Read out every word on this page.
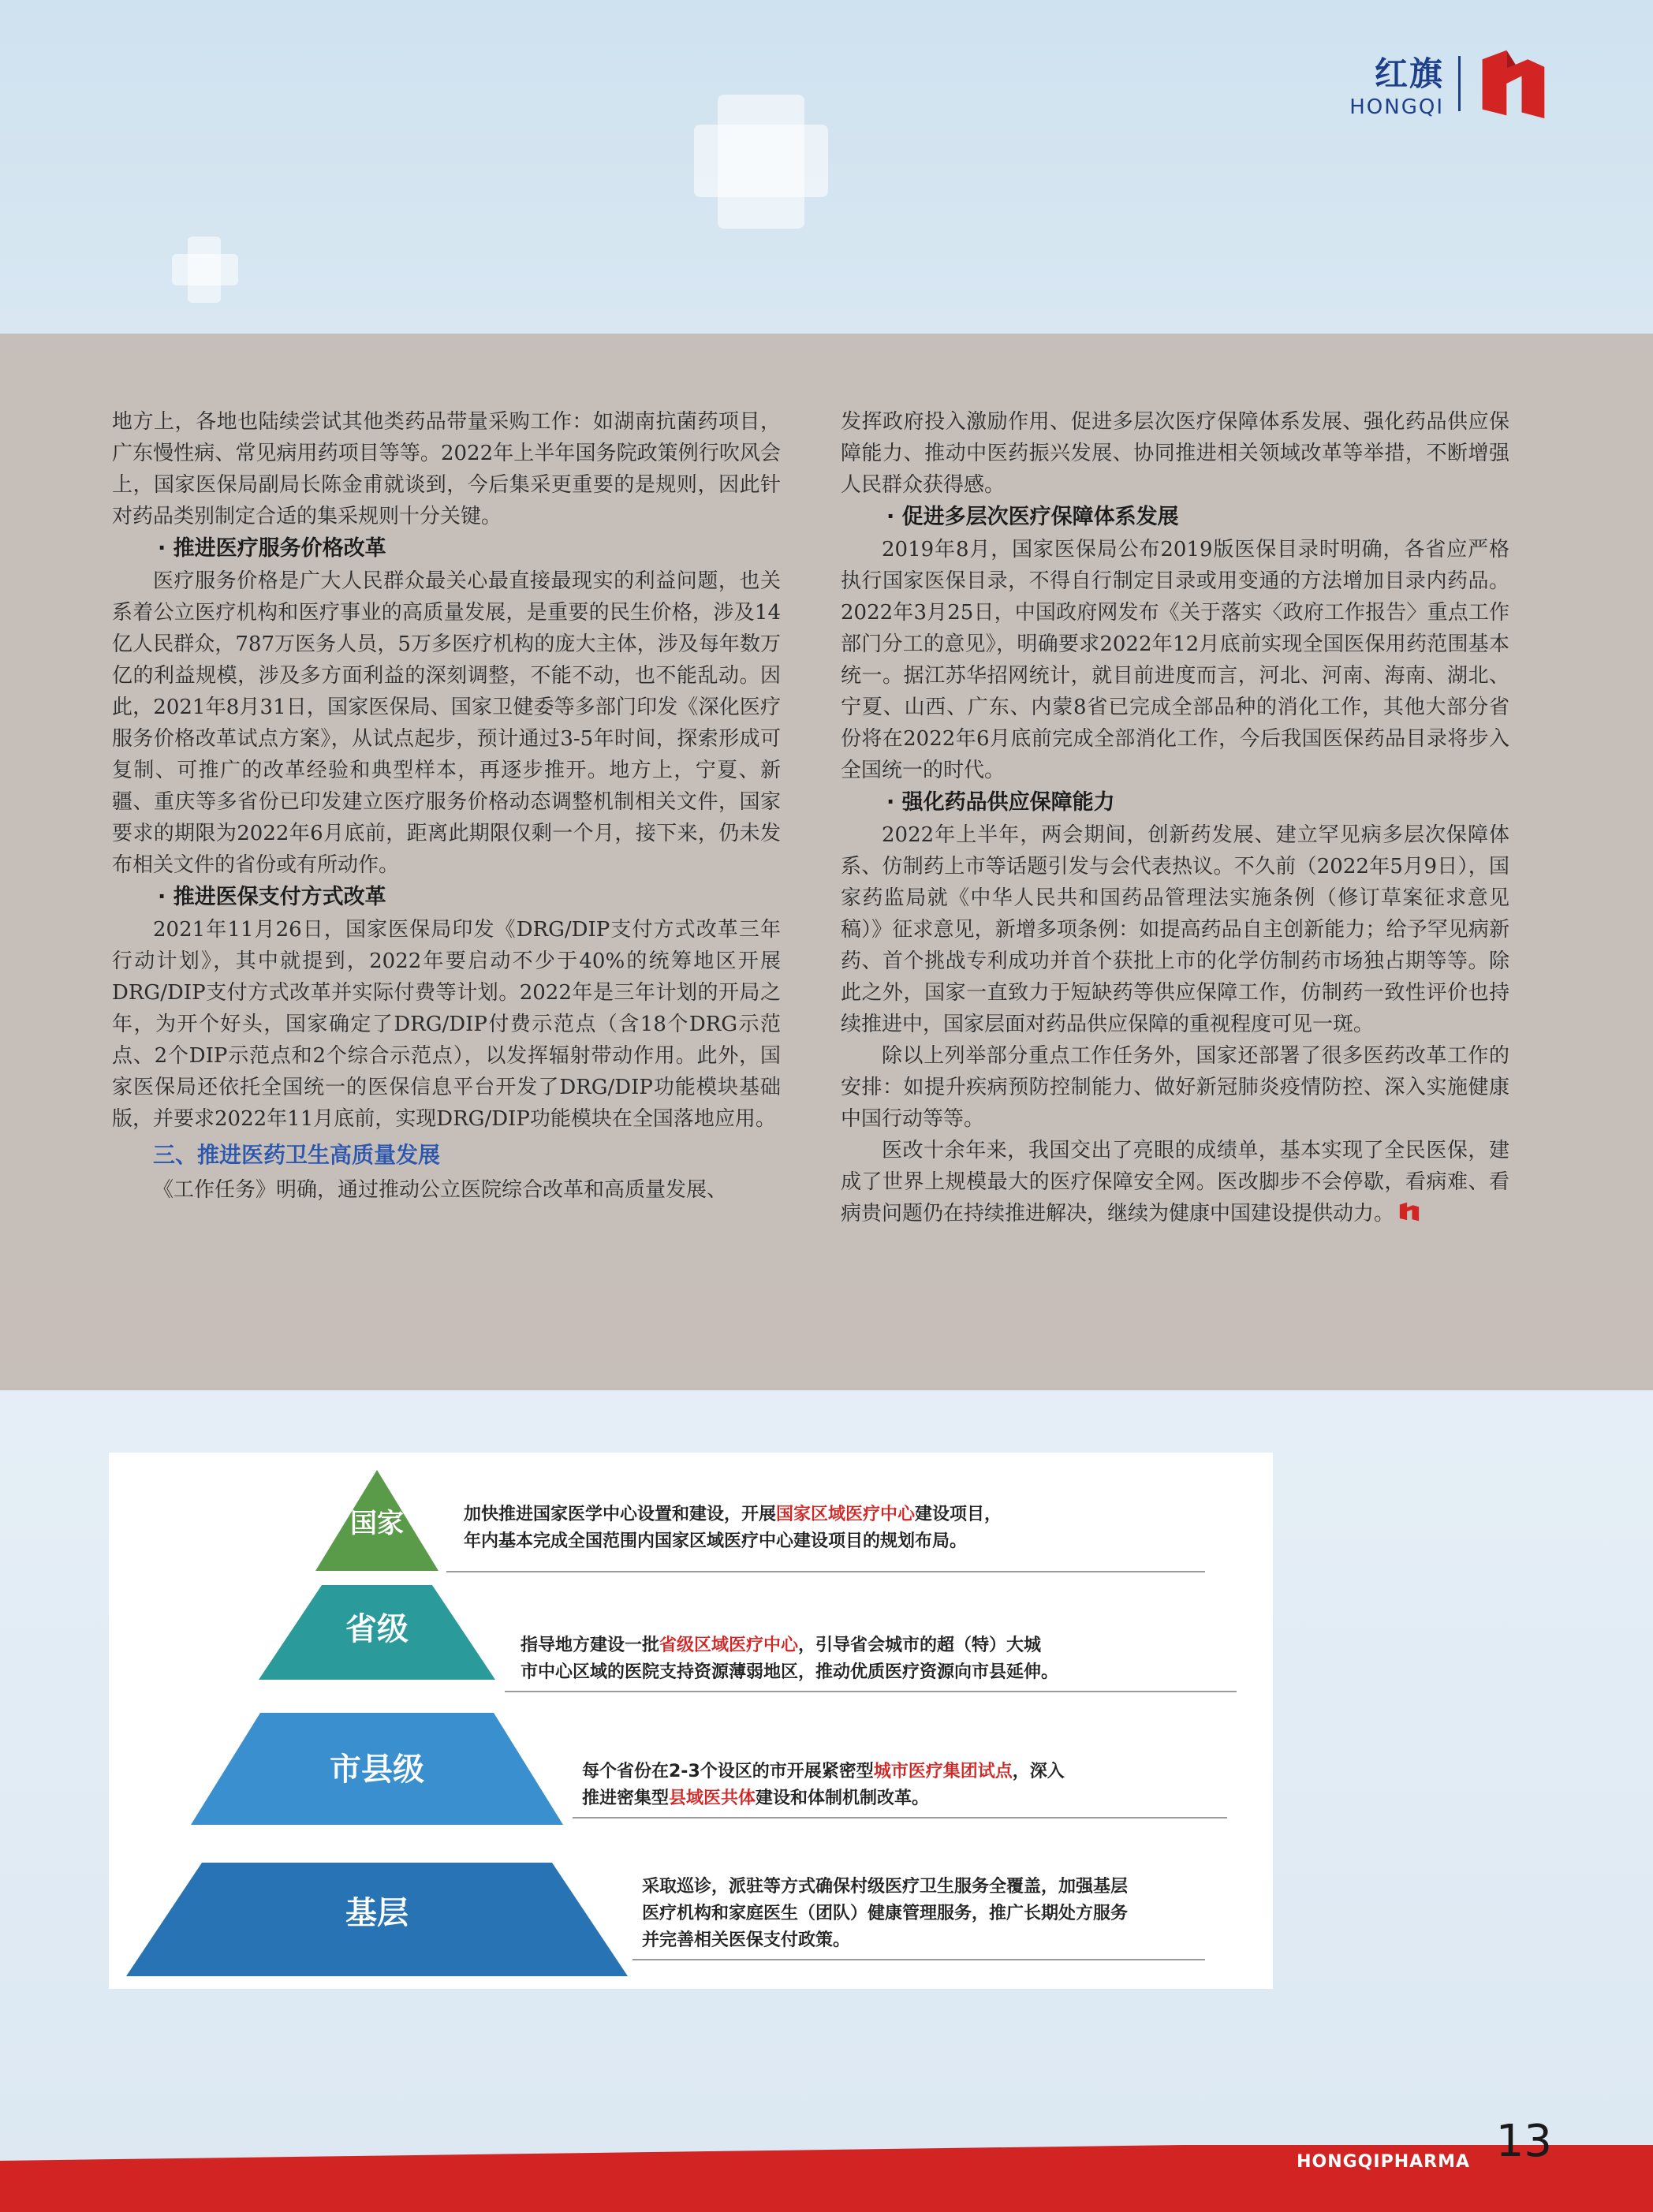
红旗
HONGQI

地方上，各地也陆续尝试其他类药品带量采购工作：如湖南抗菌药项目，广东慢性病、常见病用药项目等等。2022年上半年国务院政策例行吹风会上，国家医保局副局长陈金甫就谈到，今后集采更重要的是规则，因此针对药品类别制定合适的集采规则十分关键。

· 推进医疗服务价格改革

医疗服务价格是广大人民群众最关心最直接最现实的利益问题，也关系着公立医疗机构和医疗事业的高质量发展，是重要的民生价格，涉及14亿人民群众，787万医务人员，5万多医疗机构的庞大主体，涉及每年数万亿的利益规模，涉及多方面利益的深刻调整，不能不动，也不能乱动。因此，2021年8月31日，国家医保局、国家卫健委等多部门印发《深化医疗服务价格改革试点方案》，从试点起步，预计通过3-5年时间，探索形成可复制、可推广的改革经验和典型样本，再逐步推开。地方上，宁夏、新疆、重庆等多省份已印发建立医疗服务价格动态调整机制相关文件，国家要求的期限为2022年6月底前，距离此期限仅剩一个月，接下来，仍未发布相关文件的省份或有所动作。

· 推进医保支付方式改革

2021年11月26日，国家医保局印发《DRG/DIP支付方式改革三年行动计划》，其中就提到，2022年要启动不少于40%的统筹地区开展DRG/DIP支付方式改革并实际付费等计划。2022年是三年计划的开局之年，为开个好头，国家确定了DRG/DIP付费示范点（含18个DRG示范点、2个DIP示范点和2个综合示范点），以发挥辐射带动作用。此外，国家医保局还依托全国统一的医保信息平台开发了DRG/DIP功能模块基础版，并要求2022年11月底前，实现DRG/DIP功能模块在全国落地应用。

三、推进医药卫生高质量发展

《工作任务》明确，通过推动公立医院综合改革和高质量发展、

发挥政府投入激励作用、促进多层次医疗保障体系发展、强化药品供应保障能力、推动中医药振兴发展、协同推进相关领域改革等举措，不断增强人民群众获得感。

· 促进多层次医疗保障体系发展

2019年8月，国家医保局公布2019版医保目录时明确，各省应严格执行国家医保目录，不得自行制定目录或用变通的方法增加目录内药品。2022年3月25日，中国政府网发布《关于落实〈政府工作报告〉重点工作部门分工的意见》，明确要求2022年12月底前实现全国医保用药范围基本统一。据江苏华招网统计，就目前进度而言，河北、河南、海南、湖北、宁夏、山西、广东、内蒙8省已完成全部品种的消化工作，其他大部分省份将在2022年6月底前完成全部消化工作，今后我国医保药品目录将步入全国统一的时代。

· 强化药品供应保障能力

2022年上半年，两会期间，创新药发展、建立罕见病多层次保障体系、仿制药上市等话题引发与会代表热议。不久前（2022年5月9日），国家药监局就《中华人民共和国药品管理法实施条例（修订草案征求意见稿）》征求意见，新增多项条例：如提高药品自主创新能力；给予罕见病新药、首个挑战专利成功并首个获批上市的化学仿制药市场独占期等等。除此之外，国家一直致力于短缺药等供应保障工作，仿制药一致性评价也持续推进中，国家层面对药品供应保障的重视程度可见一斑。

除以上列举部分重点工作任务外，国家还部署了很多医药改革工作的安排：如提升疾病预防控制能力、做好新冠肺炎疫情防控、深入实施健康中国行动等等。

医改十余年来，我国交出了亮眼的成绩单，基本实现了全民医保，建成了世界上规模最大的医疗保障安全网。医改脚步不会停歇，看病难、看病贵问题仍在持续推进解决，继续为健康中国建设提供动力。

国家	加快推进国家医学中心设置和建设，开展国家区域医疗中心建设项目，
年内基本完成全国范围内国家区域医疗中心建设项目的规划布局。
省级	指导地方建设一批省级区域医疗中心，引导省会城市的超（特）大城
市中心区域的医院支持资源薄弱地区，推动优质医疗资源向市县延伸。
市县级	每个省份在2-3个设区的市开展紧密型城市医疗集团试点，深入
推进密集型县域医共体建设和体制机制改革。
基层
采取巡诊，派驻等方式确保村级医疗卫生服务全覆盖，加强基层
医疗机构和家庭医生（团队）健康管理服务，推广长期处方服务
并完善相关医保支付政策。
HONGQIPHARMA 13
